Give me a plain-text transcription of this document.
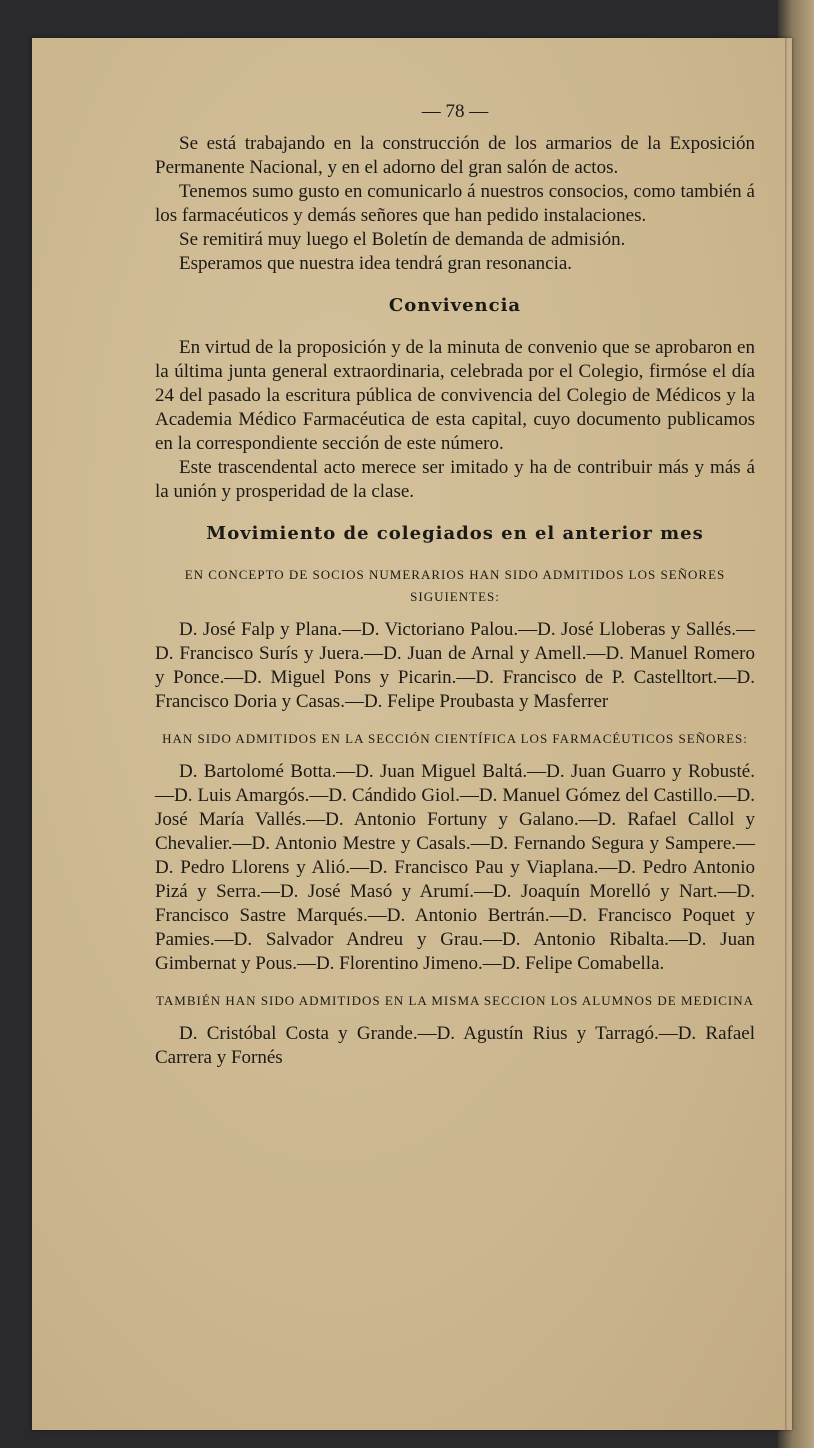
— 78 —

Se está trabajando en la construcción de los armarios de la Exposición Permanente Nacional, y en el adorno del gran salón de actos.

Tenemos sumo gusto en comunicarlo á nuestros consocios, como también á los farmacéuticos y demás señores que han pedido instalaciones.

Se remitirá muy luego el Boletín de demanda de admisión.

Esperamos que nuestra idea tendrá gran resonancia.

Convivencia

En virtud de la proposición y de la minuta de convenio que se aprobaron en la última junta general extraordinaria, celebrada por el Colegio, firmóse el día 24 del pasado la escritura pública de convivencia del Colegio de Médicos y la Academia Médico Farmacéutica de esta capital, cuyo documento publicamos en la correspondiente sección de este número.

Este trascendental acto merece ser imitado y ha de contribuir más y más á la unión y prosperidad de la clase.

Movimiento de colegiados en el anterior mes
EN CONCEPTO DE SOCIOS NUMERARIOS HAN SIDO ADMITIDOS LOS SEÑORES SIGUIENTES:

D. José Falp y Plana.—D. Victoriano Palou.—D. José Lloberas y Sallés.—D. Francisco Surís y Juera.—D. Juan de Arnal y Amell.—D. Manuel Romero y Ponce.—D. Miguel Pons y Picarin.—D. Francisco de P. Castelltort.—D. Francisco Doria y Casas.—D. Felipe Proubasta y Masferrer

HAN SIDO ADMITIDOS EN LA SECCIÓN CIENTÍFICA LOS FARMACÉUTICOS SEÑORES:

D. Bartolomé Botta.—D. Juan Miguel Baltá.—D. Juan Guarro y Robusté.—D. Luis Amargós.—D. Cándido Giol.—D. Manuel Gómez del Castillo.—D. José María Vallés.—D. Antonio Fortuny y Galano.—D. Rafael Callol y Chevalier.—D. Antonio Mestre y Casals.—D. Fernando Segura y Sampere.—D. Pedro Llorens y Alió.—D. Francisco Pau y Viaplana.—D. Pedro Antonio Pizá y Serra.—D. José Masó y Arumí.—D. Joaquín Morelló y Nart.—D. Francisco Sastre Marqués.—D. Antonio Bertrán.—D. Francisco Poquet y Pamies.—D. Salvador Andreu y Grau.—D. Antonio Ribalta.—D. Juan Gimbernat y Pous.—D. Florentino Jimeno.—D. Felipe Comabella.

TAMBIÉN HAN SIDO ADMITIDOS EN LA MISMA SECCION LOS ALUMNOS DE MEDICINA

D. Cristóbal Costa y Grande.—D. Agustín Rius y Tarragó.—D. Rafael Carrera y Fornés
